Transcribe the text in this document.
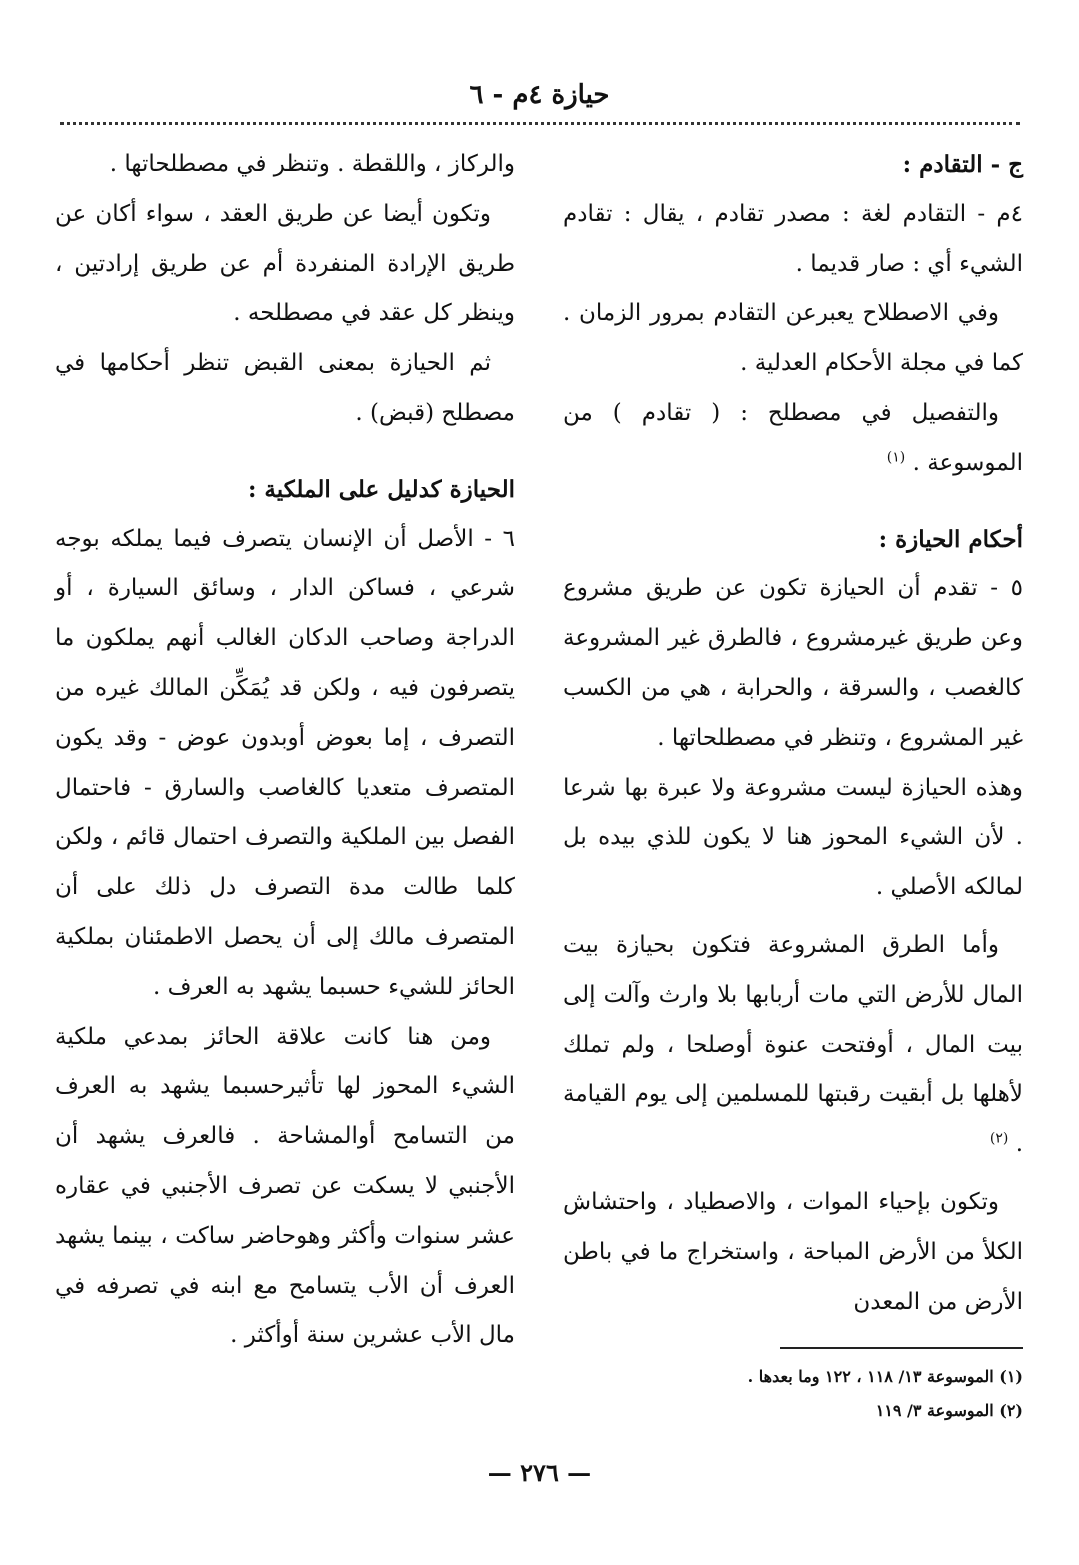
حيازة ٤م - ٦

ج - التقادم :

٤م - التقادم لغة : مصدر تقادم ، يقال : تقادم الشيء أي : صار قديما .

وفي الاصطلاح يعبرعن التقادم بمرور الزمان . كما في مجلة الأحكام العدلية .

والتفصيل في مصطلح : ( تقادم ) من الموسوعة . $^{(١)}$

أحكام الحيازة :

٥ - تقدم أن الحيازة تكون عن طريق مشروع وعن طريق غيرمشروع ، فالطرق غير المشروعة كالغصب ، والسرقة ، والحرابة ، هي من الكسب غير المشروع ، وتنظر في مصطلحاتها .

وهذه الحيازة ليست مشروعة ولا عبرة بها شرعا . لأن الشيء المحوز هنا لا يكون للذي بيده بل لمالكه الأصلي .

وأما الطرق المشروعة فتكون بحيازة بيت المال للأرض التي مات أربابها بلا وارث وآلت إلى بيت المال ، أوفتحت عنوة أوصلحا ، ولم تملك لأهلها بل أبقيت رقبتها للمسلمين إلى يوم القيامة . $^{(٢)}$

وتكون بإحياء الموات ، والاصطياد ، واحتشاش الكلأ من الأرض المباحة ، واستخراج ما في باطن الأرض من المعدن

والركاز ، واللقطة . وتنظر في مصطلحاتها .

وتكون أيضا عن طريق العقد ، سواء أكان عن طريق الإرادة المنفردة أم عن طريق إرادتين ، وينظر كل عقد في مصطلحه .

ثم الحيازة بمعنى القبض تنظر أحكامها في مصطلح (قبض) .

الحيازة كدليل على الملكية :

٦ - الأصل أن الإنسان يتصرف فيما يملكه بوجه شرعي ، فساكن الدار ، وسائق السيارة ، أو الدراجة وصاحب الدكان الغالب أنهم يملكون ما يتصرفون فيه ، ولكن قد يُمَكِّن المالك غيره من التصرف ، إما بعوض أوبدون عوض - وقد يكون المتصرف متعديا كالغاصب والسارق - فاحتمال الفصل بين الملكية والتصرف احتمال قائم ، ولكن كلما طالت مدة التصرف دل ذلك على أن المتصرف مالك إلى أن يحصل الاطمئنان بملكية الحائز للشيء حسبما يشهد به العرف .

ومن هنا كانت علاقة الحائز بمدعي ملكية الشيء المحوز لها تأثيرحسبما يشهد به العرف من التسامح أوالمشاحة . فالعرف يشهد أن الأجنبي لا يسكت عن تصرف الأجنبي في عقاره عشر سنوات وأكثر وهوحاضر ساكت ، بينما يشهد العرف أن الأب يتسامح مع ابنه في تصرفه في مال الأب عشرين سنة أوأكثر .

(١) الموسوعة ١٣/ ١١٨ ، ١٢٢ وما بعدها .

(٢) الموسوعة ٣/ ١١٩

— ٢٧٦ —
